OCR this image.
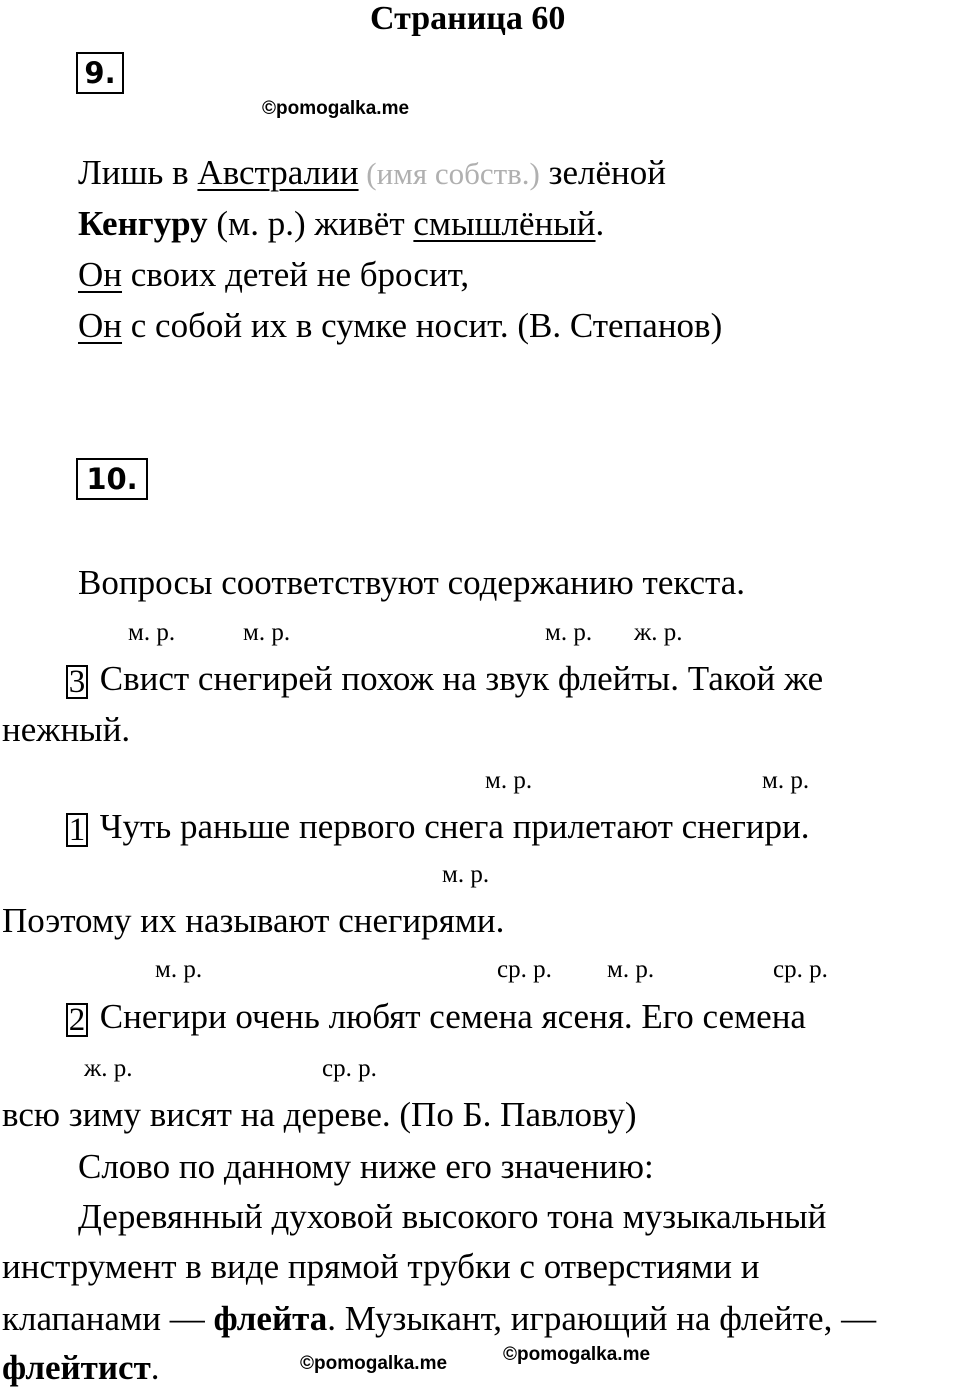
Страница 60
9.
©pomogalka.me
Лишь в Австралии (имя собств.) зелёной
Кенгуру (м. р.) живёт смышлёный.
Он своих детей не бросит,
Он с собой их в сумке носит. (В. Степанов)
10.
Вопросы соответствуют содержанию текста.
м. р.	м. р.	м. р. ж. р.
3 Свист снегирей похож на звук флейты. Такой же
нежный.
м. р.	м. р.
1 Чуть раньше первого снега прилетают снегири.
м. р.
Поэтому их называют снегирями.
м. р.	ср. р. м. р.	ср. р.
2 Снегири очень любят семена ясеня. Его семена
ж. р.	ср. р.
всю зиму висят на дереве. (По Б. Павлову)
Слово по данному ниже его значению:
Деревянный духовой высокого тона музыкальный
инструмент в виде прямой трубки с отверстиями и
клапанами — флейта. Музыкант, играющий на флейте, —
флейтист.	©pomogalka.me	©pomogalka.me
